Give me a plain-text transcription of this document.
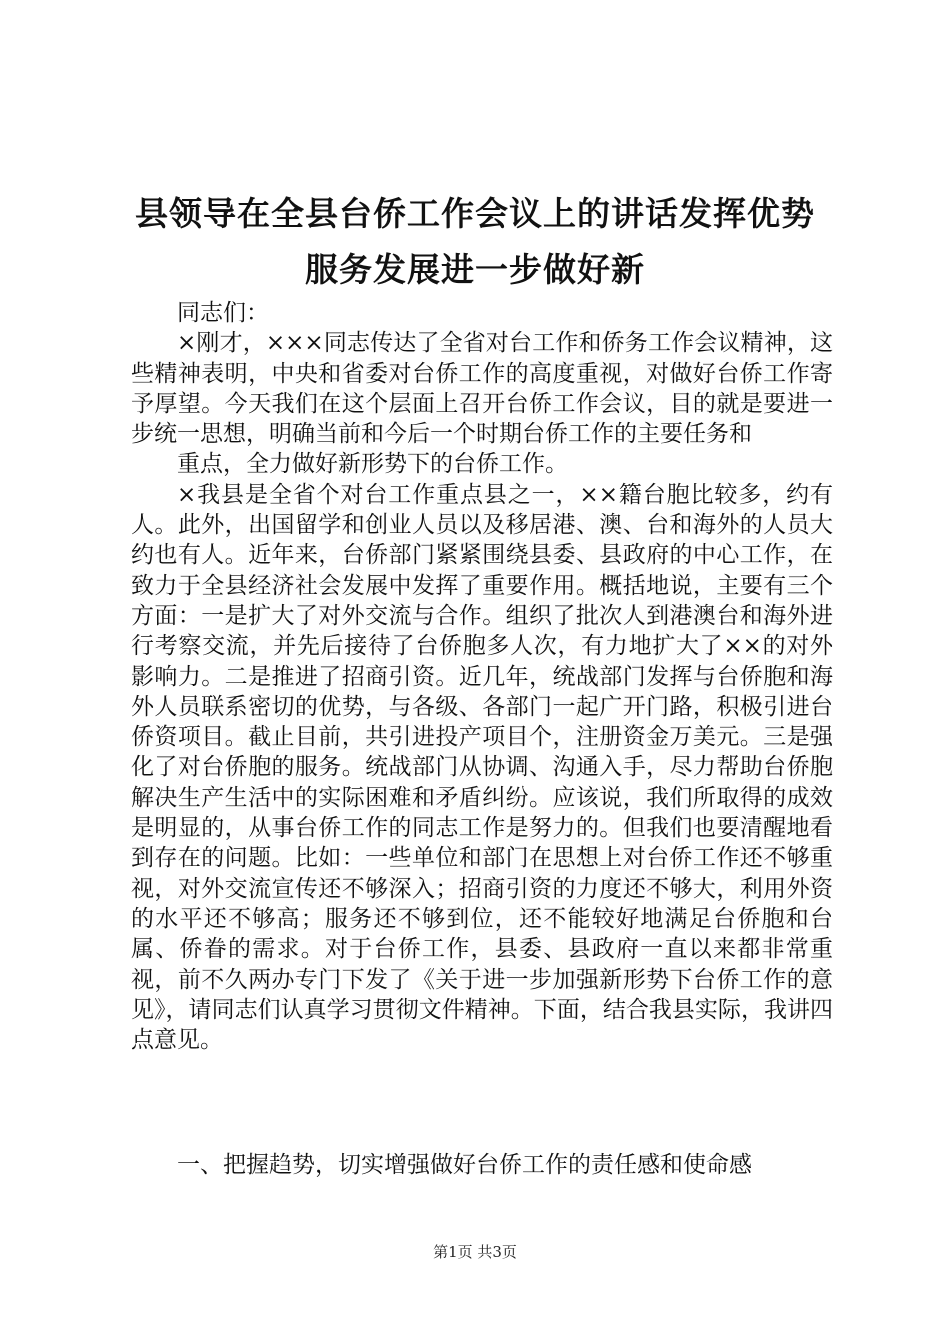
县领导在全县台侨工作会议上的讲话发挥优势
服务发展进一步做好新

同志们：

×刚才，×××同志传达了全省对台工作和侨务工作会议精神，这些精神表明，中央和省委对台侨工作的高度重视，对做好台侨工作寄予厚望。今天我们在这个层面上召开台侨工作会议，目的就是要进一步统一思想，明确当前和今后一个时期台侨工作的主要任务和

重点，全力做好新形势下的台侨工作。

×我县是全省个对台工作重点县之一，××籍台胞比较多，约有人。此外，出国留学和创业人员以及移居港、澳、台和海外的人员大约也有人。近年来，台侨部门紧紧围绕县委、县政府的中心工作，在致力于全县经济社会发展中发挥了重要作用。概括地说，主要有三个方面：一是扩大了对外交流与合作。组织了批次人到港澳台和海外进行考察交流，并先后接待了台侨胞多人次，有力地扩大了××的对外影响力。二是推进了招商引资。近几年，统战部门发挥与台侨胞和海外人员联系密切的优势，与各级、各部门一起广开门路，积极引进台侨资项目。截止目前，共引进投产项目个，注册资金万美元。三是强化了对台侨胞的服务。统战部门从协调、沟通入手，尽力帮助台侨胞解决生产生活中的实际困难和矛盾纠纷。应该说，我们所取得的成效是明显的，从事台侨工作的同志工作是努力的。但我们也要清醒地看到存在的问题。比如：一些单位和部门在思想上对台侨工作还不够重视，对外交流宣传还不够深入；招商引资的力度还不够大，利用外资的水平还不够高；服务还不够到位，还不能较好地满足台侨胞和台属、侨眷的需求。对于台侨工作，县委、县政府一直以来都非常重视，前不久两办专门下发了《关于进一步加强新形势下台侨工作的意见》，请同志们认真学习贯彻文件精神。下面，结合我县实际，我讲四点意见。

一、把握趋势，切实增强做好台侨工作的责任感和使命感
第1页 共3页
